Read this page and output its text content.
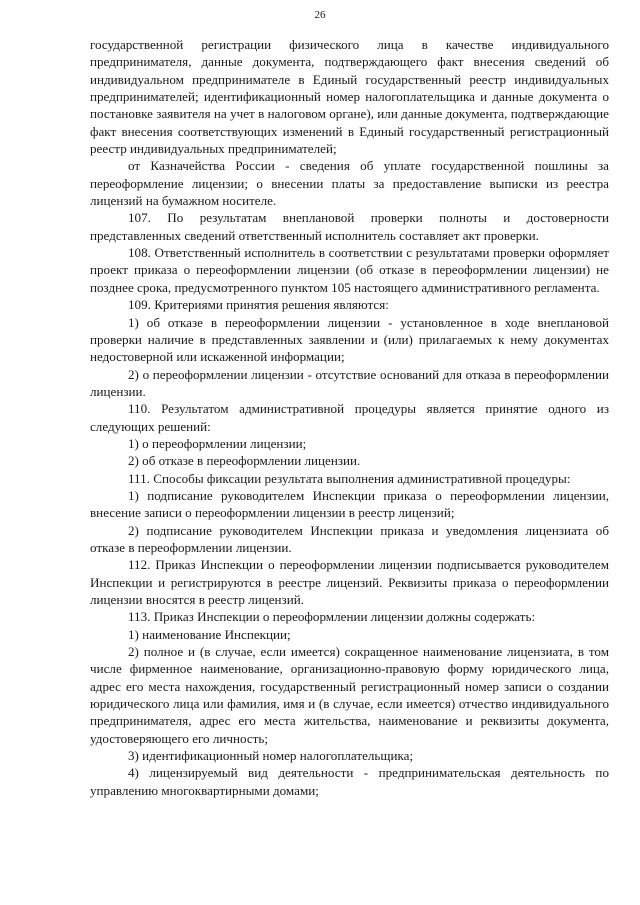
26

государственной регистрации физического лица в качестве индивидуального предпринимателя, данные документа, подтверждающего факт внесения сведений об индивидуальном предпринимателе в Единый государственный реестр индивидуальных предпринимателей; идентификационный номер налогоплательщика и данные документа о постановке заявителя на учет в налоговом органе), или данные документа, подтверждающие факт внесения соответствующих изменений в Единый государственный регистрационный реестр индивидуальных предпринимателей;

от Казначейства России - сведения об уплате государственной пошлины за переоформление лицензии; о внесении платы за предоставление выписки из реестра лицензий на бумажном носителе.

107. По результатам внеплановой проверки полноты и достоверности представленных сведений ответственный исполнитель составляет акт проверки.

108. Ответственный исполнитель в соответствии с результатами проверки оформляет проект приказа о переоформлении лицензии (об отказе в переоформлении лицензии) не позднее срока, предусмотренного пунктом 105 настоящего административного регламента.

109. Критериями принятия решения являются:

1) об отказе в переоформлении лицензии - установленное в ходе внеплановой проверки наличие в представленных заявлении и (или) прилагаемых к нему документах недостоверной или искаженной информации;

2) о переоформлении лицензии - отсутствие оснований для отказа в переоформлении лицензии.

110. Результатом административной процедуры является принятие одного из следующих решений:

1) о переоформлении лицензии;

2) об отказе в переоформлении лицензии.

111. Способы фиксации результата выполнения административной процедуры:

1) подписание руководителем Инспекции приказа о переоформлении лицензии, внесение записи о переоформлении лицензии в реестр лицензий;

2) подписание руководителем Инспекции приказа и уведомления лицензиата об отказе в переоформлении лицензии.

112. Приказ Инспекции о переоформлении лицензии подписывается руководителем Инспекции и регистрируются в реестре лицензий. Реквизиты приказа о переоформлении лицензии вносятся в реестр лицензий.

113. Приказ Инспекции о переоформлении лицензии должны содержать:

1) наименование Инспекции;

2) полное и (в случае, если имеется) сокращенное наименование лицензиата, в том числе фирменное наименование, организационно-правовую форму юридического лица, адрес его места нахождения, государственный регистрационный номер записи о создании юридического лица или фамилия, имя и (в случае, если имеется) отчество индивидуального предпринимателя, адрес его места жительства, наименование и реквизиты документа, удостоверяющего его личность;

3) идентификационный номер налогоплательщика;

4) лицензируемый вид деятельности - предпринимательская деятельность по управлению многоквартирными домами;
